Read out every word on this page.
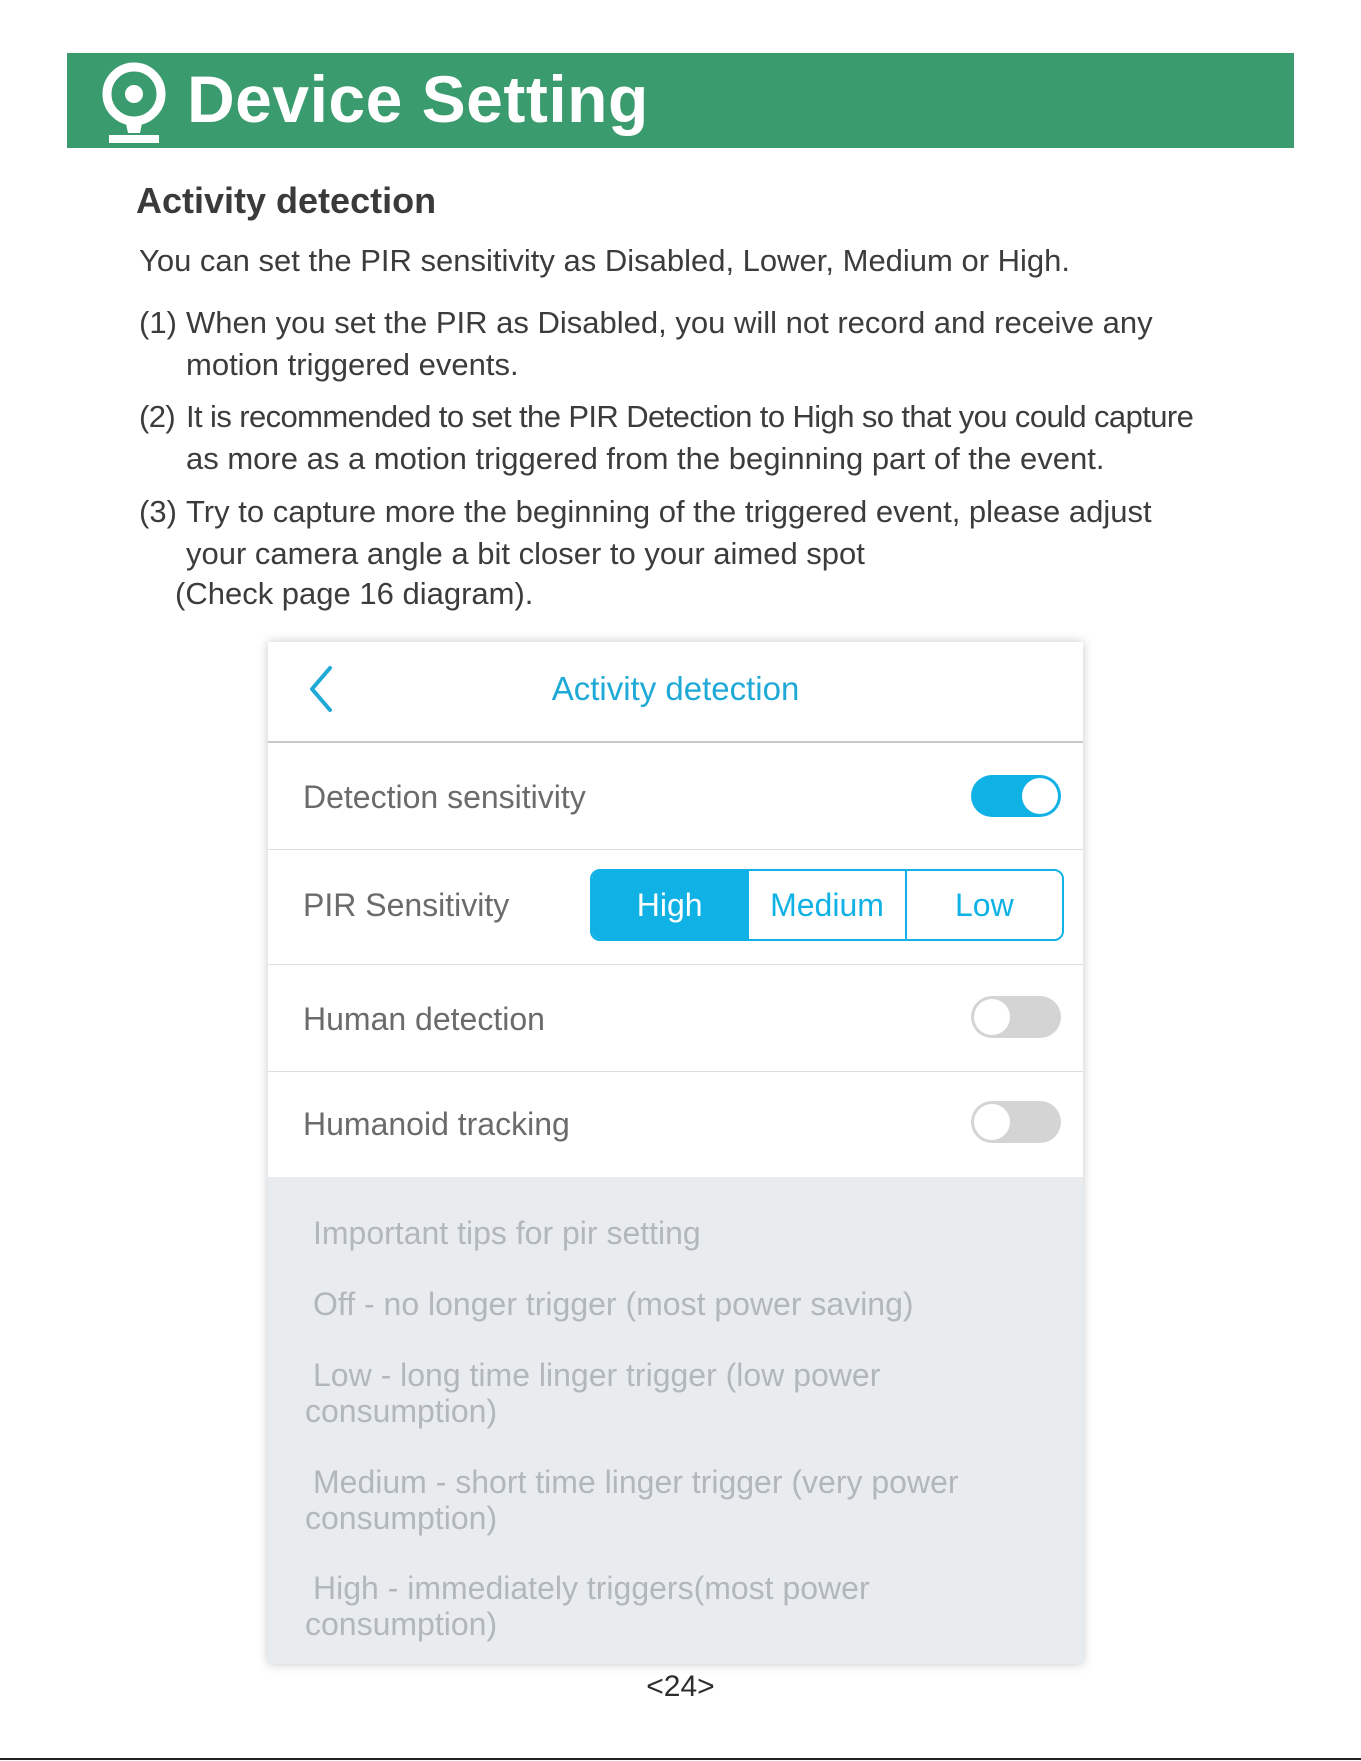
Device Setting
Activity detection
You can set the PIR sensitivity as Disabled, Lower, Medium or High.
(1) When you set the PIR as Disabled, you will not record and receive any
motion triggered events.
(2) It is recommended to set the PIR Detection to High so that you could capture
as more as a motion triggered from the beginning part of the event.
(3) Try to capture more the beginning of the triggered event, please adjust
your camera angle a bit closer to your aimed spot
(Check page 16 diagram).
Activity detection
Detection sensitivity
PIR Sensitivity	High	Medium	Low
Human detection
Humanoid tracking
Important tips for pir setting
Off - no longer trigger (most power saving)
Low - long time linger trigger (low power
consumption)
Medium - short time linger trigger (very power
consumption)
High - immediately triggers(most power
consumption)
<24>
